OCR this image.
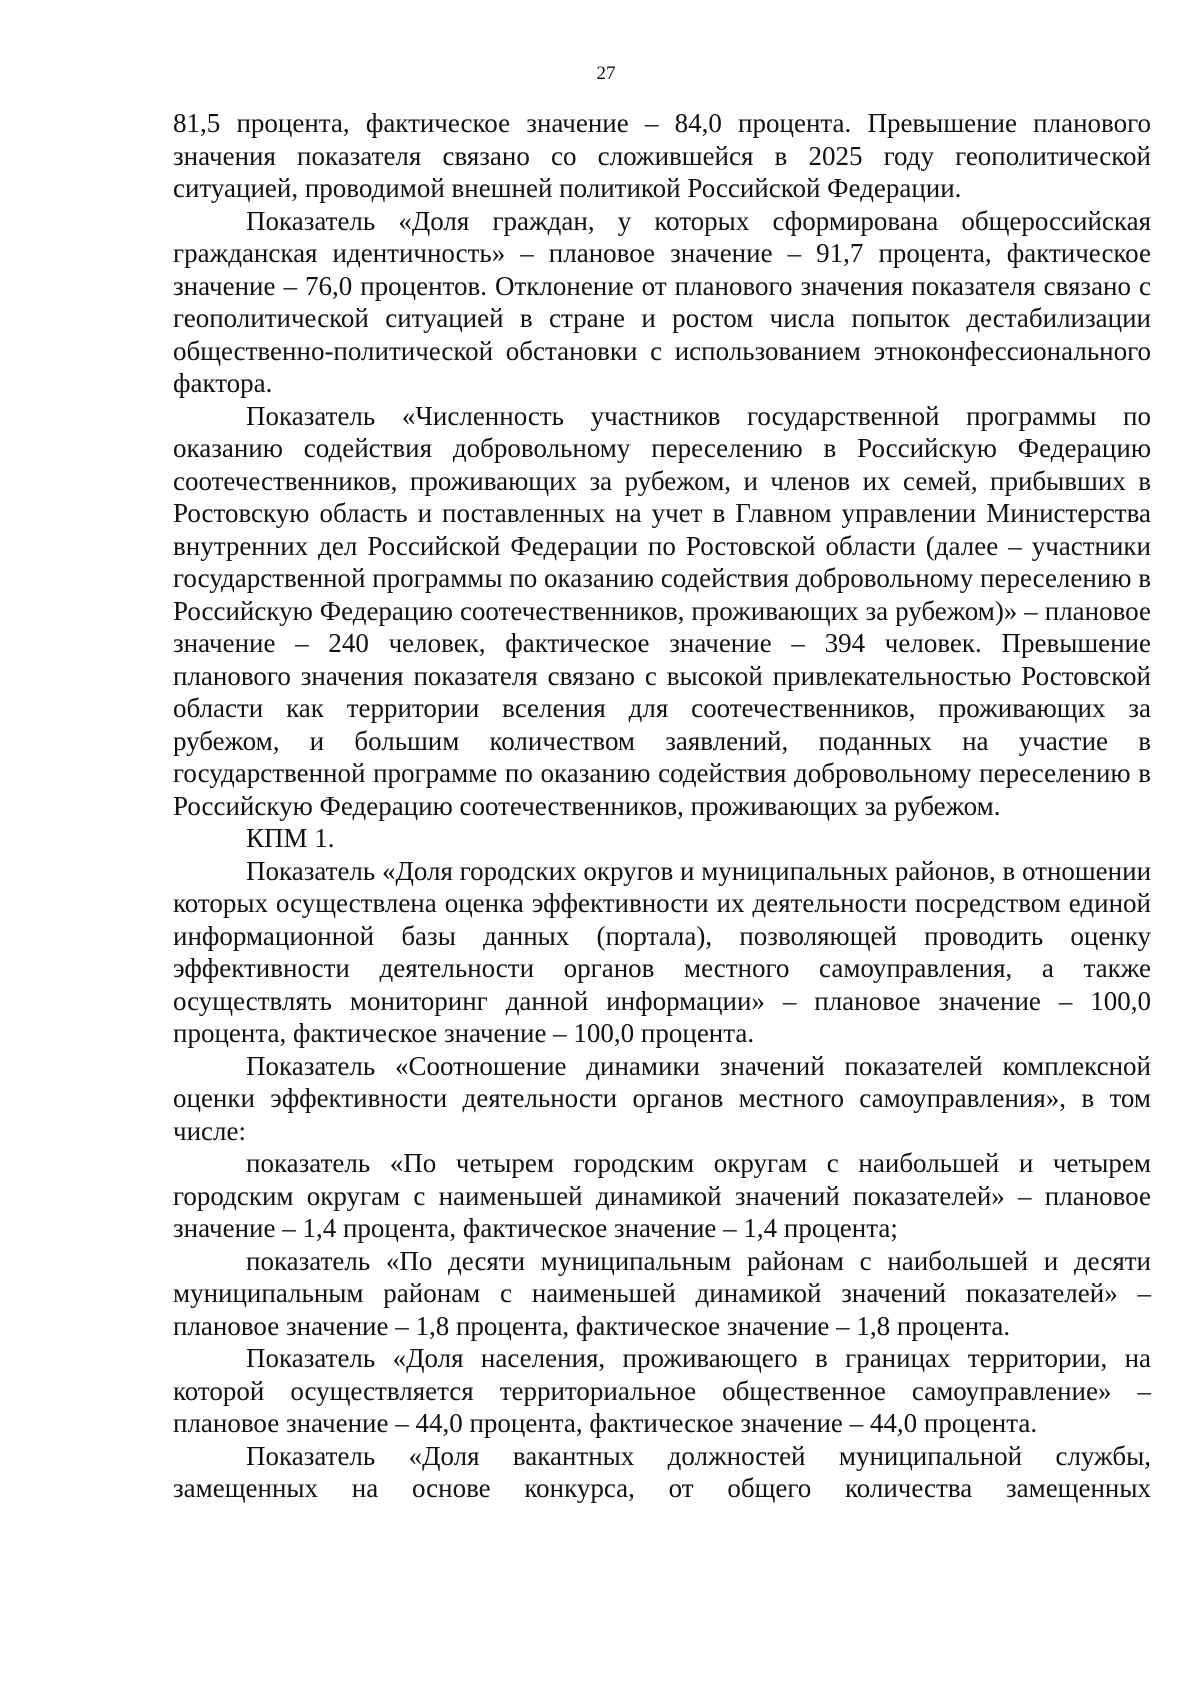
27

81,5 процента, фактическое значение – 84,0 процента. Превышение планового значения показателя связано со сложившейся в 2025 году геополитической ситуацией, проводимой внешней политикой Российской Федерации.

Показатель «Доля граждан, у которых сформирована общероссийская гражданская идентичность» – плановое значение – 91,7 процента, фактическое значение – 76,0 процентов. Отклонение от планового значения показателя связано с геополитической ситуацией в стране и ростом числа попыток дестабилизации общественно-политической обстановки с использованием этноконфессионального фактора.

Показатель «Численность участников государственной программы по оказанию содействия добровольному переселению в Российскую Федерацию соотечественников, проживающих за рубежом, и членов их семей, прибывших в Ростовскую область и поставленных на учет в Главном управлении Министерства внутренних дел Российской Федерации по Ростовской области (далее – участники государственной программы по оказанию содействия добровольному переселению в Российскую Федерацию соотечественников, проживающих за рубежом)» – плановое значение – 240 человек, фактическое значение – 394 человек. Превышение планового значения показателя связано с высокой привлекательностью Ростовской области как территории вселения для соотечественников, проживающих за рубежом, и большим количеством заявлений, поданных на участие в государственной программе по оказанию содействия добровольному переселению в Российскую Федерацию соотечественников, проживающих за рубежом.

КПМ 1.

Показатель «Доля городских округов и муниципальных районов, в отношении которых осуществлена оценка эффективности их деятельности посредством единой информационной базы данных (портала), позволяющей проводить оценку эффективности деятельности органов местного самоуправления, а также осуществлять мониторинг данной информации» – плановое значение – 100,0 процента, фактическое значение – 100,0 процента.

Показатель «Соотношение динамики значений показателей комплексной оценки эффективности деятельности органов местного самоуправления», в том числе:

показатель «По четырем городским округам с наибольшей и четырем городским округам с наименьшей динамикой значений показателей» – плановое значение – 1,4 процента, фактическое значение – 1,4 процента;

показатель «По десяти муниципальным районам с наибольшей и десяти муниципальным районам с наименьшей динамикой значений показателей» – плановое значение – 1,8 процента, фактическое значение – 1,8 процента.

Показатель «Доля населения, проживающего в границах территории, на которой осуществляется территориальное общественное самоуправление» – плановое значение – 44,0 процента, фактическое значение – 44,0 процента.

Показатель «Доля вакантных должностей муниципальной службы, замещенных на основе конкурса, от общего количества замещенных
